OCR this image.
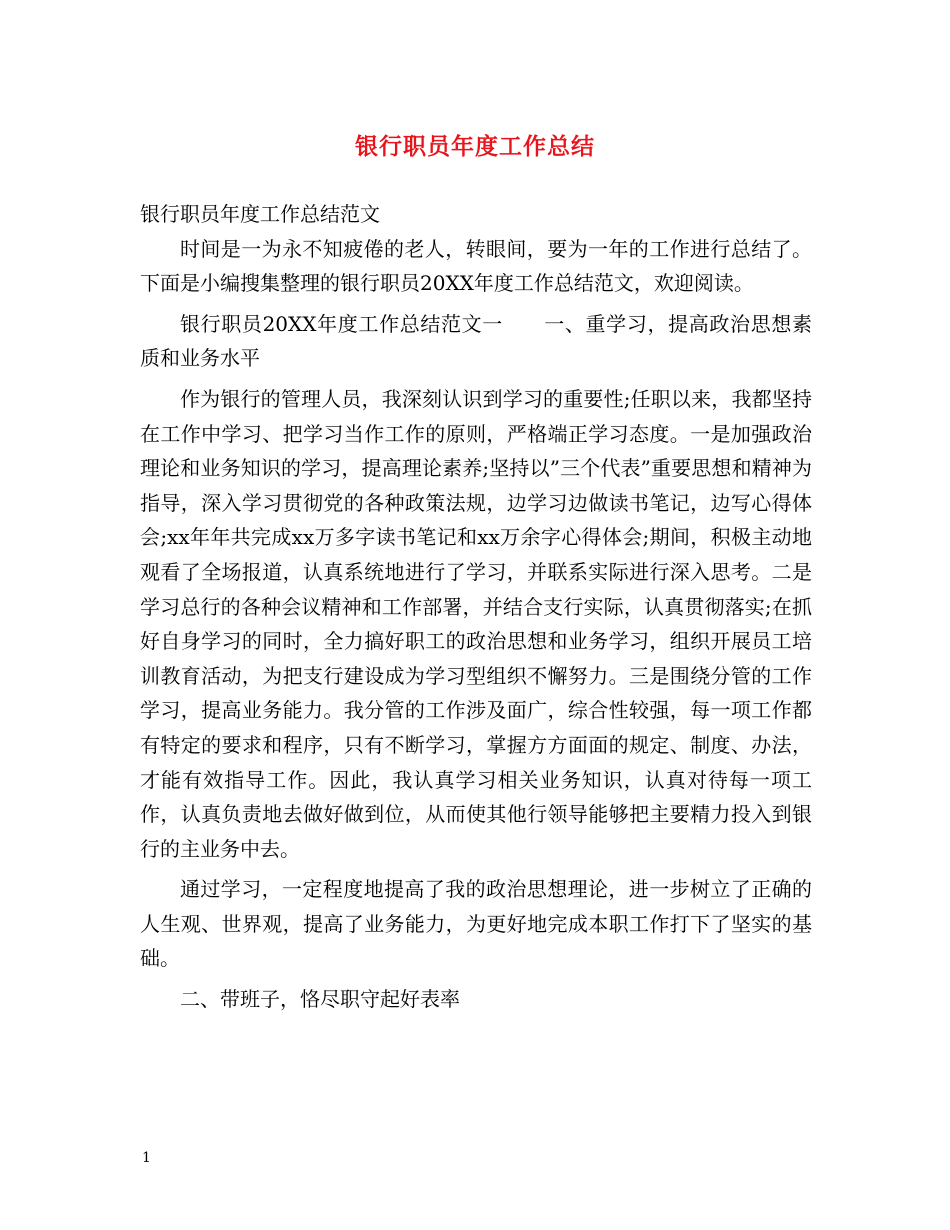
银行职员年度工作总结

银行职员年度工作总结范文

时间是一为永不知疲倦的老人，转眼间，要为一年的工作进行总结了。下面是小编搜集整理的银行职员20XX年度工作总结范文，欢迎阅读。

银行职员20XX年度工作总结范文一　　一、重学习，提高政治思想素质和业务水平

作为银行的管理人员，我深刻认识到学习的重要性;任职以来，我都坚持在工作中学习、把学习当作工作的原则，严格端正学习态度。一是加强政治理论和业务知识的学习，提高理论素养;坚持以”三个代表”重要思想和精神为指导，深入学习贯彻党的各种政策法规，边学习边做读书笔记，边写心得体会;xx年年共完成xx万多字读书笔记和xx万余字心得体会;期间，积极主动地观看了全场报道，认真系统地进行了学习，并联系实际进行深入思考。二是学习总行的各种会议精神和工作部署，并结合支行实际，认真贯彻落实;在抓好自身学习的同时，全力搞好职工的政治思想和业务学习，组织开展员工培训教育活动，为把支行建设成为学习型组织不懈努力。三是围绕分管的工作学习，提高业务能力。我分管的工作涉及面广，综合性较强，每一项工作都有特定的要求和程序，只有不断学习，掌握方方面面的规定、制度、办法，才能有效指导工作。因此，我认真学习相关业务知识，认真对待每一项工作，认真负责地去做好做到位，从而使其他行领导能够把主要精力投入到银行的主业务中去。

通过学习，一定程度地提高了我的政治思想理论，进一步树立了正确的人生观、世界观，提高了业务能力，为更好地完成本职工作打下了坚实的基础。

二、带班子，恪尽职守起好表率

1
